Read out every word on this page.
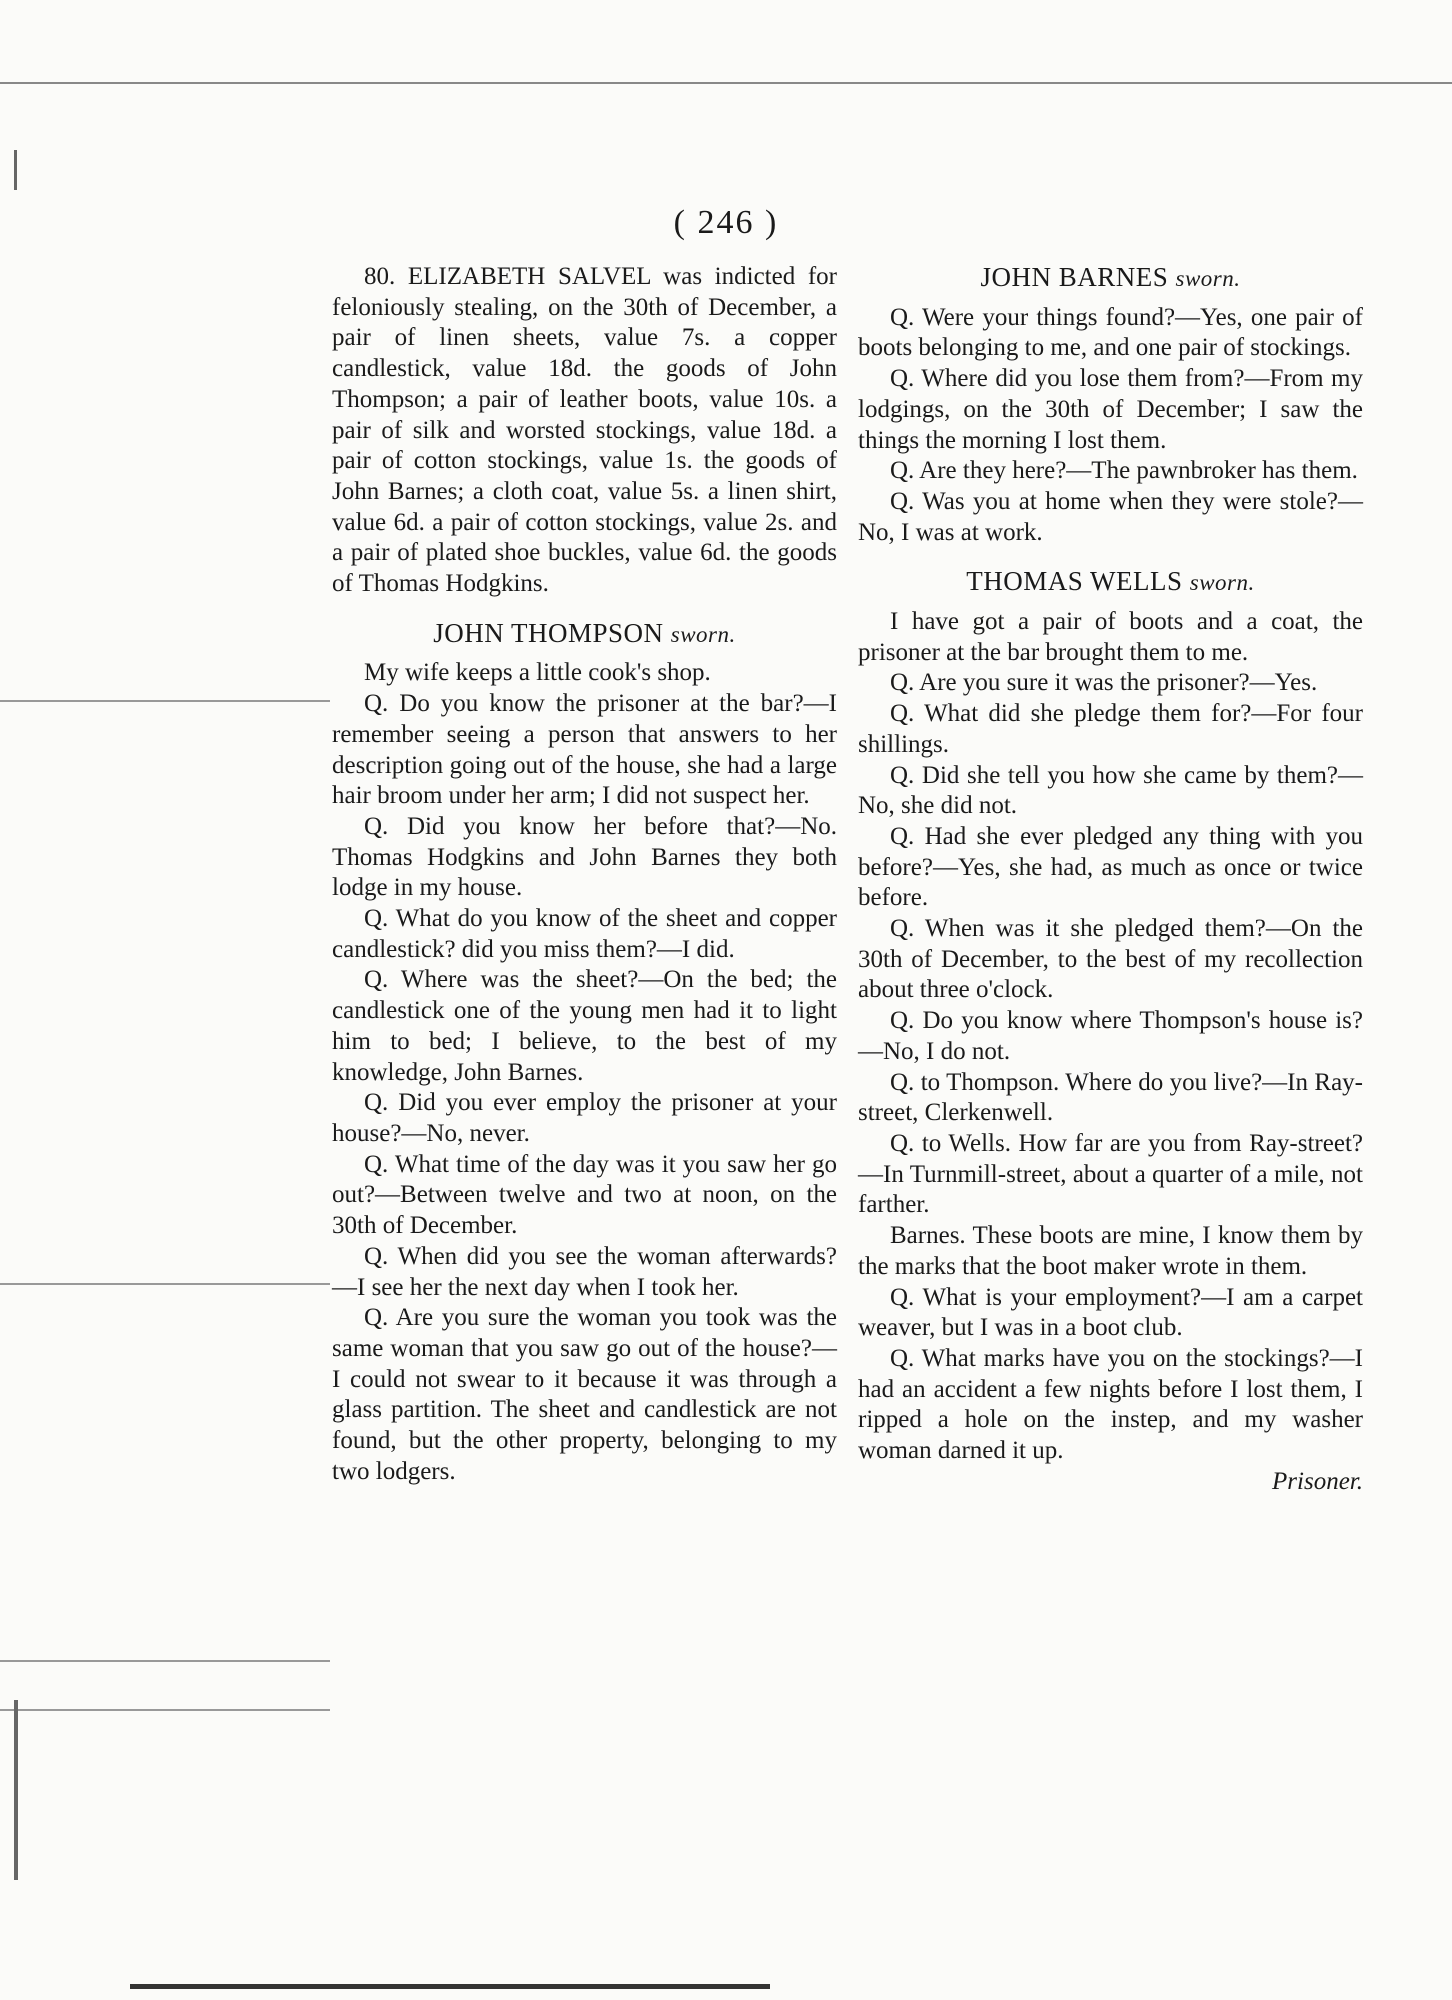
( 246 )

80. ELIZABETH SALVEL was indicted for feloniously stealing, on the 30th of December, a pair of linen sheets, value 7s. a copper candlestick, value 18d. the goods of John Thompson; a pair of leather boots, value 10s. a pair of silk and worsted stockings, value 18d. a pair of cotton stockings, value 1s. the goods of John Barnes; a cloth coat, value 5s. a linen shirt, value 6d. a pair of cotton stockings, value 2s. and a pair of plated shoe buckles, value 6d. the goods of Thomas Hodgkins.

JOHN THOMPSON sworn.

My wife keeps a little cook's shop.

Q. Do you know the prisoner at the bar?—I remember seeing a person that answers to her description going out of the house, she had a large hair broom under her arm; I did not suspect her.

Q. Did you know her before that?—No. Thomas Hodgkins and John Barnes they both lodge in my house.

Q. What do you know of the sheet and copper candlestick? did you miss them?—I did.

Q. Where was the sheet?—On the bed; the candlestick one of the young men had it to light him to bed; I believe, to the best of my knowledge, John Barnes.

Q. Did you ever employ the prisoner at your house?—No, never.

Q. What time of the day was it you saw her go out?—Between twelve and two at noon, on the 30th of December.

Q. When did you see the woman afterwards?—I see her the next day when I took her.

Q. Are you sure the woman you took was the same woman that you saw go out of the house?—I could not swear to it because it was through a glass partition. The sheet and candlestick are not found, but the other property, belonging to my two lodgers.

JOHN BARNES sworn.

Q. Were your things found?—Yes, one pair of boots belonging to me, and one pair of stockings.

Q. Where did you lose them from?—From my lodgings, on the 30th of December; I saw the things the morning I lost them.

Q. Are they here?—The pawnbroker has them.

Q. Was you at home when they were stole?—No, I was at work.

THOMAS WELLS sworn.

I have got a pair of boots and a coat, the prisoner at the bar brought them to me.

Q. Are you sure it was the prisoner?—Yes.

Q. What did she pledge them for?—For four shillings.

Q. Did she tell you how she came by them?—No, she did not.

Q. Had she ever pledged any thing with you before?—Yes, she had, as much as once or twice before.

Q. When was it she pledged them?—On the 30th of December, to the best of my recollection about three o'clock.

Q. Do you know where Thompson's house is?—No, I do not.

Q. to Thompson. Where do you live?—In Ray-street, Clerkenwell.

Q. to Wells. How far are you from Ray-street?—In Turnmill-street, about a quarter of a mile, not farther.

Barnes. These boots are mine, I know them by the marks that the boot maker wrote in them.

Q. What is your employment?—I am a carpet weaver, but I was in a boot club.

Q. What marks have you on the stockings?—I had an accident a few nights before I lost them, I ripped a hole on the instep, and my washer woman darned it up.

Prisoner.
